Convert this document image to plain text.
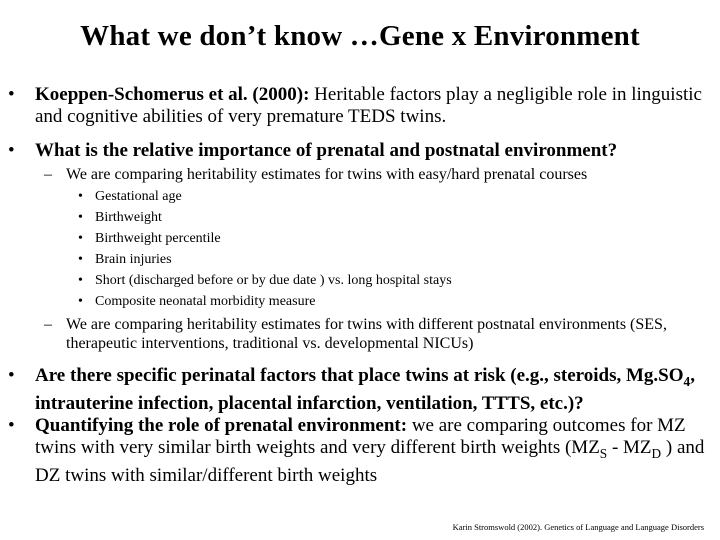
What we don’t know …Gene x Environment
• Koeppen-Schomerus et al. (2000): Heritable factors play a negligible role in linguistic and cognitive abilities of very premature TEDS twins.
• What is the relative importance of prenatal and postnatal environment?
– We are comparing heritability estimates for twins with easy/hard prenatal courses
• Gestational age
• Birthweight
• Birthweight percentile
• Brain injuries
• Short (discharged before or by due date ) vs. long hospital stays
• Composite neonatal morbidity measure
– We are comparing heritability estimates for twins with different postnatal environments (SES, therapeutic interventions, traditional vs. developmental NICUs)
• Are there specific perinatal factors that place twins at risk (e.g., steroids, $Mg.SO_4$, intrauterine infection, placental infarction, ventilation, TTTS, etc.)?
• Quantifying the role of prenatal environment: we are comparing outcomes for MZ twins with very similar birth weights and very different birth weights ($MZ_S - MZ_D$ ) and DZ twins with similar/different birth weights
Karin Stromswold (2002). Genetics of Language and Language Disorders
